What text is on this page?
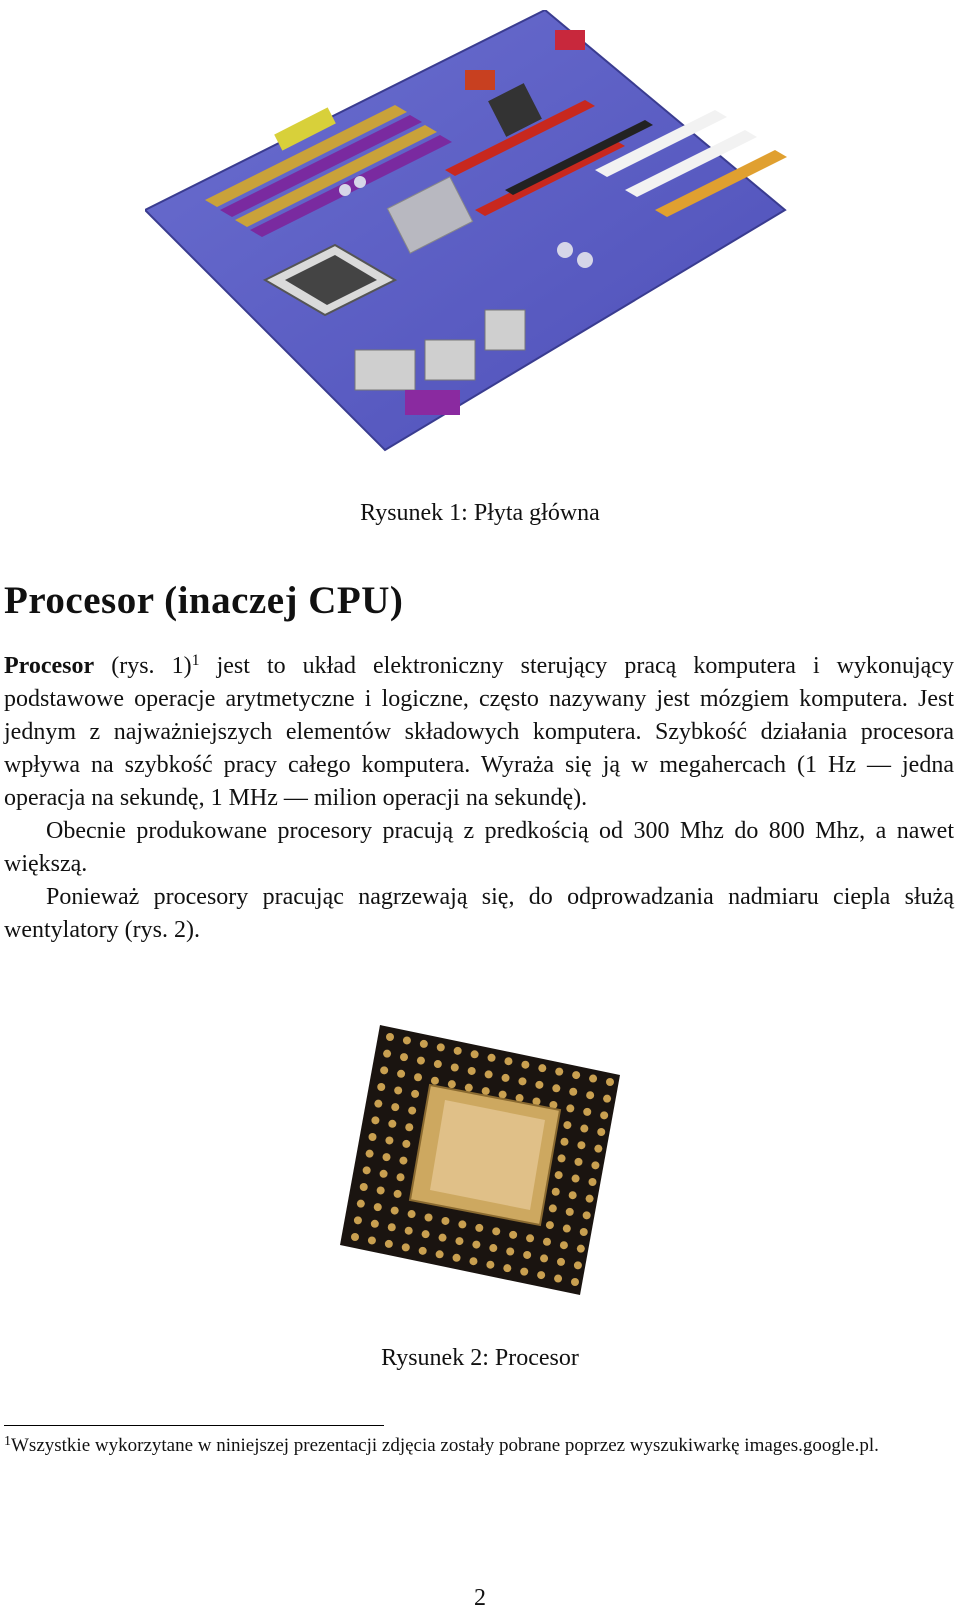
Rysunek 1: Płyta główna
Procesor (inaczej CPU)

Procesor (rys. 1)$^1$ jest to układ elektroniczny sterujący pracą komputera i wykonujący podstawowe operacje arytmetyczne i logiczne, często nazywany jest mózgiem komputera. Jest jednym z najważniejszych elementów składowych komputera. Szybkość działania procesora wpływa na szybkość pracy całego komputera. Wyraża się ją w megahercach (1 Hz — jedna operacja na sekundę, 1 MHz — milion operacji na sekundę).

Obecnie produkowane procesory pracują z predkością od 300 Mhz do 800 Mhz, a nawet większą.

Ponieważ procesory pracując nagrzewają się, do odprowadzania nadmiaru ciepla służą wentylatory (rys. 2).

Rysunek 2: Procesor
$^1$Wszystkie wykorzytane w niniejszej prezentacji zdjęcia zostały pobrane poprzez wyszukiwarkę images.google.pl.
2
